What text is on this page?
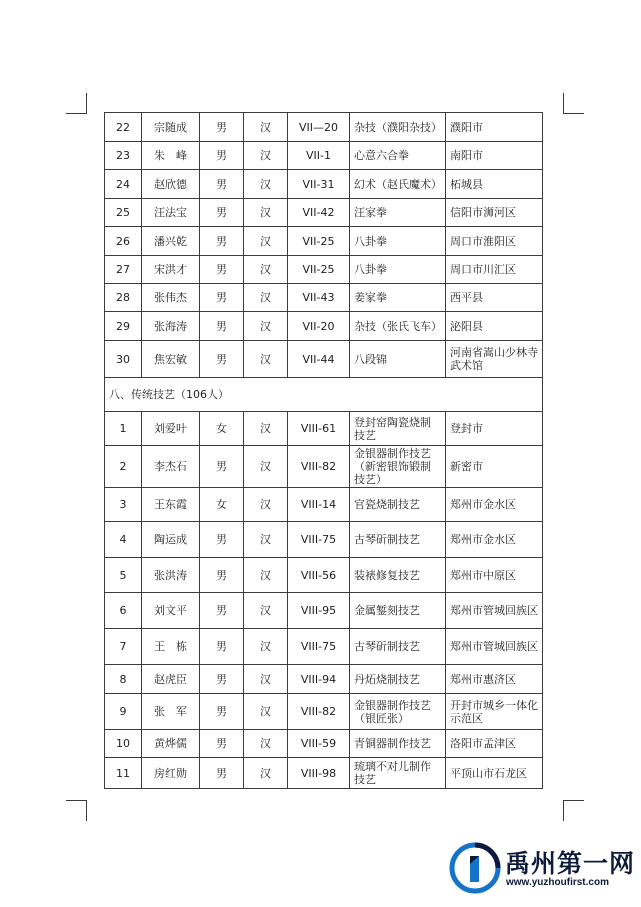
22	宗随成	男	汉	VII—20	杂技（濮阳杂技）	濮阳市
23	朱　峰	男	汉	VII-1	心意六合拳	南阳市
24	赵欣德	男	汉	VII-31	幻术（赵氏魔术）	柘城县
25	汪法宝	男	汉	VII-42	汪家拳	信阳市浉河区
26	潘兴乾	男	汉	VII-25	八卦拳	周口市淮阳区
27	宋洪才	男	汉	VII-25	八卦拳	周口市川汇区
28	张伟杰	男	汉	VII-43	姜家拳	西平县
29	张海涛	男	汉	VII-20	杂技（张氏飞车）	泌阳县
30	焦宏敏	男	汉	VII-44	八段锦	河南省嵩山少林寺武术馆
八、传统技艺（106人）						
1	刘爱叶	女	汉	VIII-61	登封窑陶瓷烧制技艺	登封市
2	李杰石	男	汉	VIII-82	金银器制作技艺（新密银饰锻制技艺）	新密市
3	王东霞	女	汉	VIII-14	官瓷烧制技艺	郑州市金水区
4	陶运成	男	汉	VIII-75	古琴斫制技艺	郑州市金水区
5	张洪涛	男	汉	VIII-56	装裱修复技艺	郑州市中原区
6	刘文平	男	汉	VIII-95	金属錾刻技艺	郑州市管城回族区
7	王　栋	男	汉	VIII-75	古琴斫制技艺	郑州市管城回族区
8	赵虎臣	男	汉	VIII-94	丹炻烧制技艺	郑州市惠济区
9	张　军	男	汉	VIII-82	金银器制作技艺（银匠张）	开封市城乡一体化示范区
10	黄烨儒	男	汉	VIII-59	青铜器制作技艺	洛阳市孟津区
11	房红勋	男	汉	VIII-98	琉璃不对儿制作技艺	平顶山市石龙区
禹州第一网
www.yuzhoufirst.com
